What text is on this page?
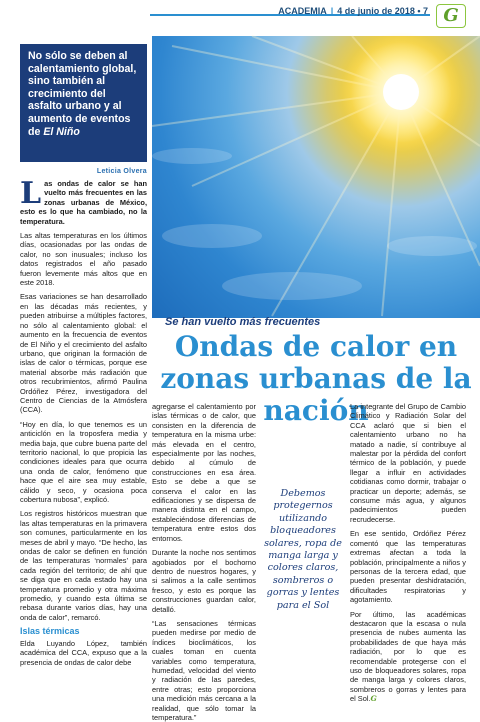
ACADEMIA | 4 de junio de 2018 • 7 G
No sólo se deben al calentamiento global, sino también al crecimiento del asfalto urbano y al aumento de eventos de El Niño
Leticia Olvera

Las ondas de calor se han vuelto más frecuentes en las zonas urbanas de México, esto es lo que ha cambiado, no la temperatura.

Las altas temperaturas en los últimos días, ocasionadas por las ondas de calor, no son inusuales; incluso los datos registrados el año pasado fueron levemente más altos que en este 2018.

Esas variaciones se han desarrollado en las décadas más recientes, y pueden atribuirse a múltiples factores, no sólo al calentamiento global: el aumento en la frecuencia de eventos de El Niño y el crecimiento del asfalto urbano, que originan la formación de islas de calor o térmicas, porque ese material absorbe más radiación que otros recubrimientos, afirmó Paulina Ordóñez Pérez, investigadora del Centro de Ciencias de la Atmósfera (CCA).

“Hoy en día, lo que tenemos es un anticiclón en la troposfera media y media baja, que cubre buena parte del territorio nacional, lo que propicia las condiciones ideales para que ocurra una onda de calor, fenómeno que hace que el aire sea muy estable, cálido y seco, y ocasiona poca cobertura nubosa”, explicó.

Los registros históricos muestran que las altas temperaturas en la primavera son comunes, particularmente en los meses de abril y mayo. “De hecho, las ondas de calor se definen en función de las temperaturas ‘normales’ para cada región del territorio; de ahí que se diga que en cada estado hay una temperatura promedio y otra máxima promedio, y cuando esta última se rebasa durante varios días, hay una onda de calor”, remarcó.

Islas térmicas

Elda Luyando López, también académica del CCA, expuso que a la presencia de ondas de calor debe

Se han vuelto más frecuentes
Ondas de calor en zonas urbanas de la nación

agregarse el calentamiento por islas térmicas o de calor, que consisten en la diferencia de temperatura en la misma urbe: más elevada en el centro, especialmente por las noches, debido al cúmulo de construcciones en esa área. Esto se debe a que se conserva el calor en las edificaciones y se dispersa de manera distinta en el campo, estableciéndose diferencias de temperatura entre estos dos entornos.

Durante la noche nos sentimos agobiados por el bochorno dentro de nuestros hogares, y si salimos a la calle sentimos fresco, y esto es porque las construcciones guardan calor, detalló.

“Las sensaciones térmicas pueden medirse por medio de índices bioclimáticos, los cuales toman en cuenta variables como temperatura, humedad, velocidad del viento y radiación de las paredes, entre otras; esto proporciona una medición más cercana a la realidad, que sólo tomar la temperatura.”

Debemos protegernos utilizando bloqueadores solares, ropa de manga larga y colores claros, sombreros o gorras y lentes para el Sol

La integrante del Grupo de Cambio Climático y Radiación Solar del CCA aclaró que si bien el calentamiento urbano no ha matado a nadie, sí contribuye al malestar por la pérdida del confort térmico de la población, y puede llegar a influir en actividades cotidianas como dormir, trabajar o practicar un deporte; además, se consume más agua, y algunos padecimientos pueden recrudecerse.

En ese sentido, Ordóñez Pérez comentó que las temperaturas extremas afectan a toda la población, principalmente a niños y personas de la tercera edad, que pueden presentar deshidratación, dificultades respiratorias y agotamiento.

Por último, las académicas destacaron que la escasa o nula presencia de nubes aumenta las probabilidades de que haya más radiación, por lo que es recomendable protegerse con el uso de bloqueadores solares, ropa de manga larga y colores claros, sombreros o gorras y lentes para el Sol.G
